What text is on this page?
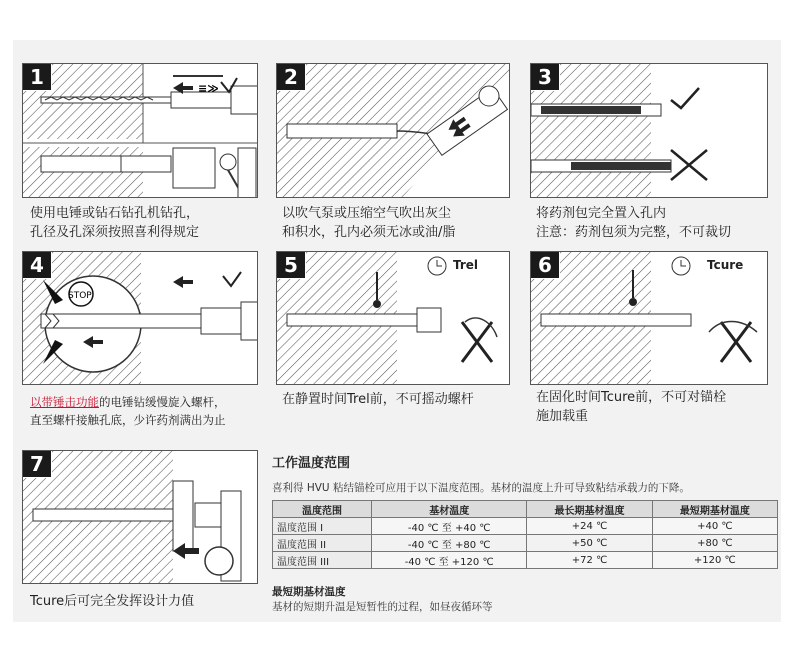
1	≡≫
使用电锤或钻石钻孔机钻孔，
孔径及孔深须按照喜利得规定
2
以吹气泵或压缩空气吹出灰尘
和积水，孔内必须无冰或油/脂
3
将药剂包完全置入孔内
注意：药剂包须为完整，不可裁切
4
STOP
以带锤击功能的电锤钻缓慢旋入螺杆，
直至螺杆接触孔底，少许药剂满出为止
5	Trel
在静置时间Trel前，不可摇动螺杆
6	Tcure
在固化时间Tcure前，不可对锚栓
施加载重
7
Tcure后可完全发挥设计力值
工作温度范围
喜利得 HVU 粘结锚栓可应用于以下温度范围。基材的温度上升可导致粘结承载力的下降。
温度范围	基材温度	最长期基材温度	最短期基材温度
温度范围 I	-40 ℃ 至 +40 ℃	+24 ℃	+40 ℃
温度范围 II	-40 ℃ 至 +80 ℃	+50 ℃	+80 ℃
温度范围 III	-40 ℃ 至 +120 ℃	+72 ℃	+120 ℃
最短期基材温度
基材的短期升温是短暂性的过程，如昼夜循环等
